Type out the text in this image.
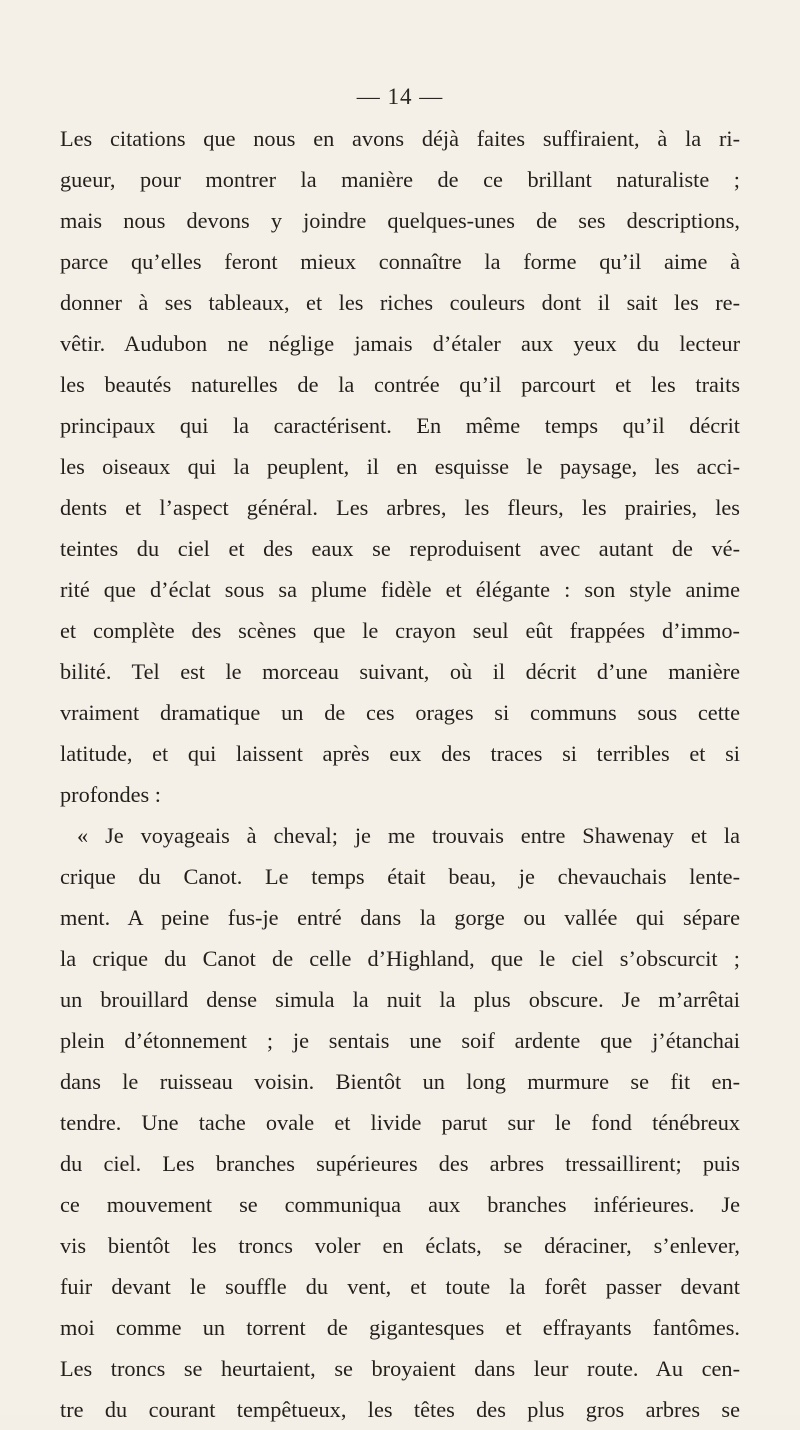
— 14 —
Les citations que nous en avons déjà faites suffiraient, à la ri-
gueur, pour montrer la manière de ce brillant naturaliste ;
mais nous devons y joindre quelques-unes de ses descriptions,
parce qu’elles feront mieux connaître la forme qu’il aime à
donner à ses tableaux, et les riches couleurs dont il sait les re-
vêtir. Audubon ne néglige jamais d’étaler aux yeux du lecteur
les beautés naturelles de la contrée qu’il parcourt et les traits
principaux qui la caractérisent. En même temps qu’il décrit
les oiseaux qui la peuplent, il en esquisse le paysage, les acci-
dents et l’aspect général. Les arbres, les fleurs, les prairies, les
teintes du ciel et des eaux se reproduisent avec autant de vé-
rité que d’éclat sous sa plume fidèle et élégante : son style anime
et complète des scènes que le crayon seul eût frappées d’immo-
bilité. Tel est le morceau suivant, où il décrit d’une manière
vraiment dramatique un de ces orages si communs sous cette
latitude, et qui laissent après eux des traces si terribles et si
profondes :
« Je voyageais à cheval; je me trouvais entre Shawenay et la
crique du Canot. Le temps était beau, je chevauchais lente-
ment. A peine fus-je entré dans la gorge ou vallée qui sépare
la crique du Canot de celle d’Highland, que le ciel s’obscurcit ;
un brouillard dense simula la nuit la plus obscure. Je m’arrêtai
plein d’étonnement ; je sentais une soif ardente que j’étanchai
dans le ruisseau voisin. Bientôt un long murmure se fit en-
tendre. Une tache ovale et livide parut sur le fond ténébreux
du ciel. Les branches supérieures des arbres tressaillirent; puis
ce mouvement se communiqua aux branches inférieures. Je
vis bientôt les troncs voler en éclats, se déraciner, s’enlever,
fuir devant le souffle du vent, et toute la forêt passer devant
moi comme un torrent de gigantesques et effrayants fantômes.
Les troncs se heurtaient, se broyaient dans leur route. Au cen-
tre du courant tempêtueux, les têtes des plus gros arbres se
